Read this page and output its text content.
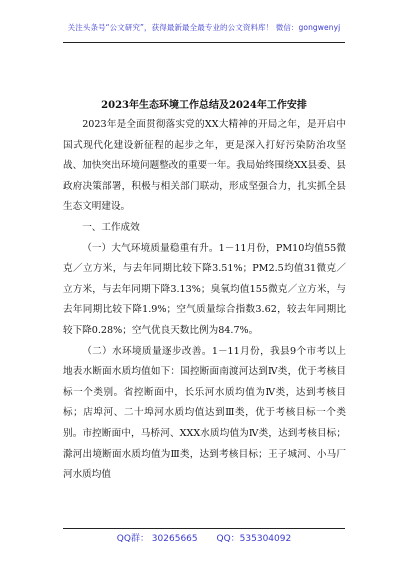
关注头条号“公文研究”，获得最新最全最专业的公文资料库！ 微信：gongwenyj
2023年生态环境工作总结及2024年工作安排

2023年是全面贯彻落实党的XX大精神的开局之年，是开启中国式现代化建设新征程的起步之年，更是深入打好污染防治攻坚战、加快突出环境问题整改的重要一年。我局始终围绕XX县委、县政府决策部署，积极与相关部门联动，形成坚强合力，扎实抓全县生态文明建设。

一、工作成效

（一）大气环境质量稳重有升。1－11月份，PM10均值55微克／立方米，与去年同期比较下降3.51%；PM2.5均值31微克／立方米，与去年同期下降3.13%；臭氧均值155微克／立方米，与去年同期比较下降1.9%；空气质量综合指数3.62，较去年同期比较下降0.28%；空气优良天数比例为84.7%。

（二）水环境质量逐步改善。1－11月份，我县9个市考以上地表水断面水质均值如下：国控断面南渡河达到Ⅳ类，优于考核目标一个类别。省控断面中，长乐河水质均值为Ⅳ类，达到考核目标；店埠河、二十埠河水质均值达到Ⅲ类，优于考核目标一个类别。市控断面中，马桥河、XXX水质均值为Ⅳ类，达到考核目标；滁河出境断面水质均值为Ⅲ类，达到考核目标；王子城河、小马厂河水质均值

QQ群： 30265665 QQ：535304092
